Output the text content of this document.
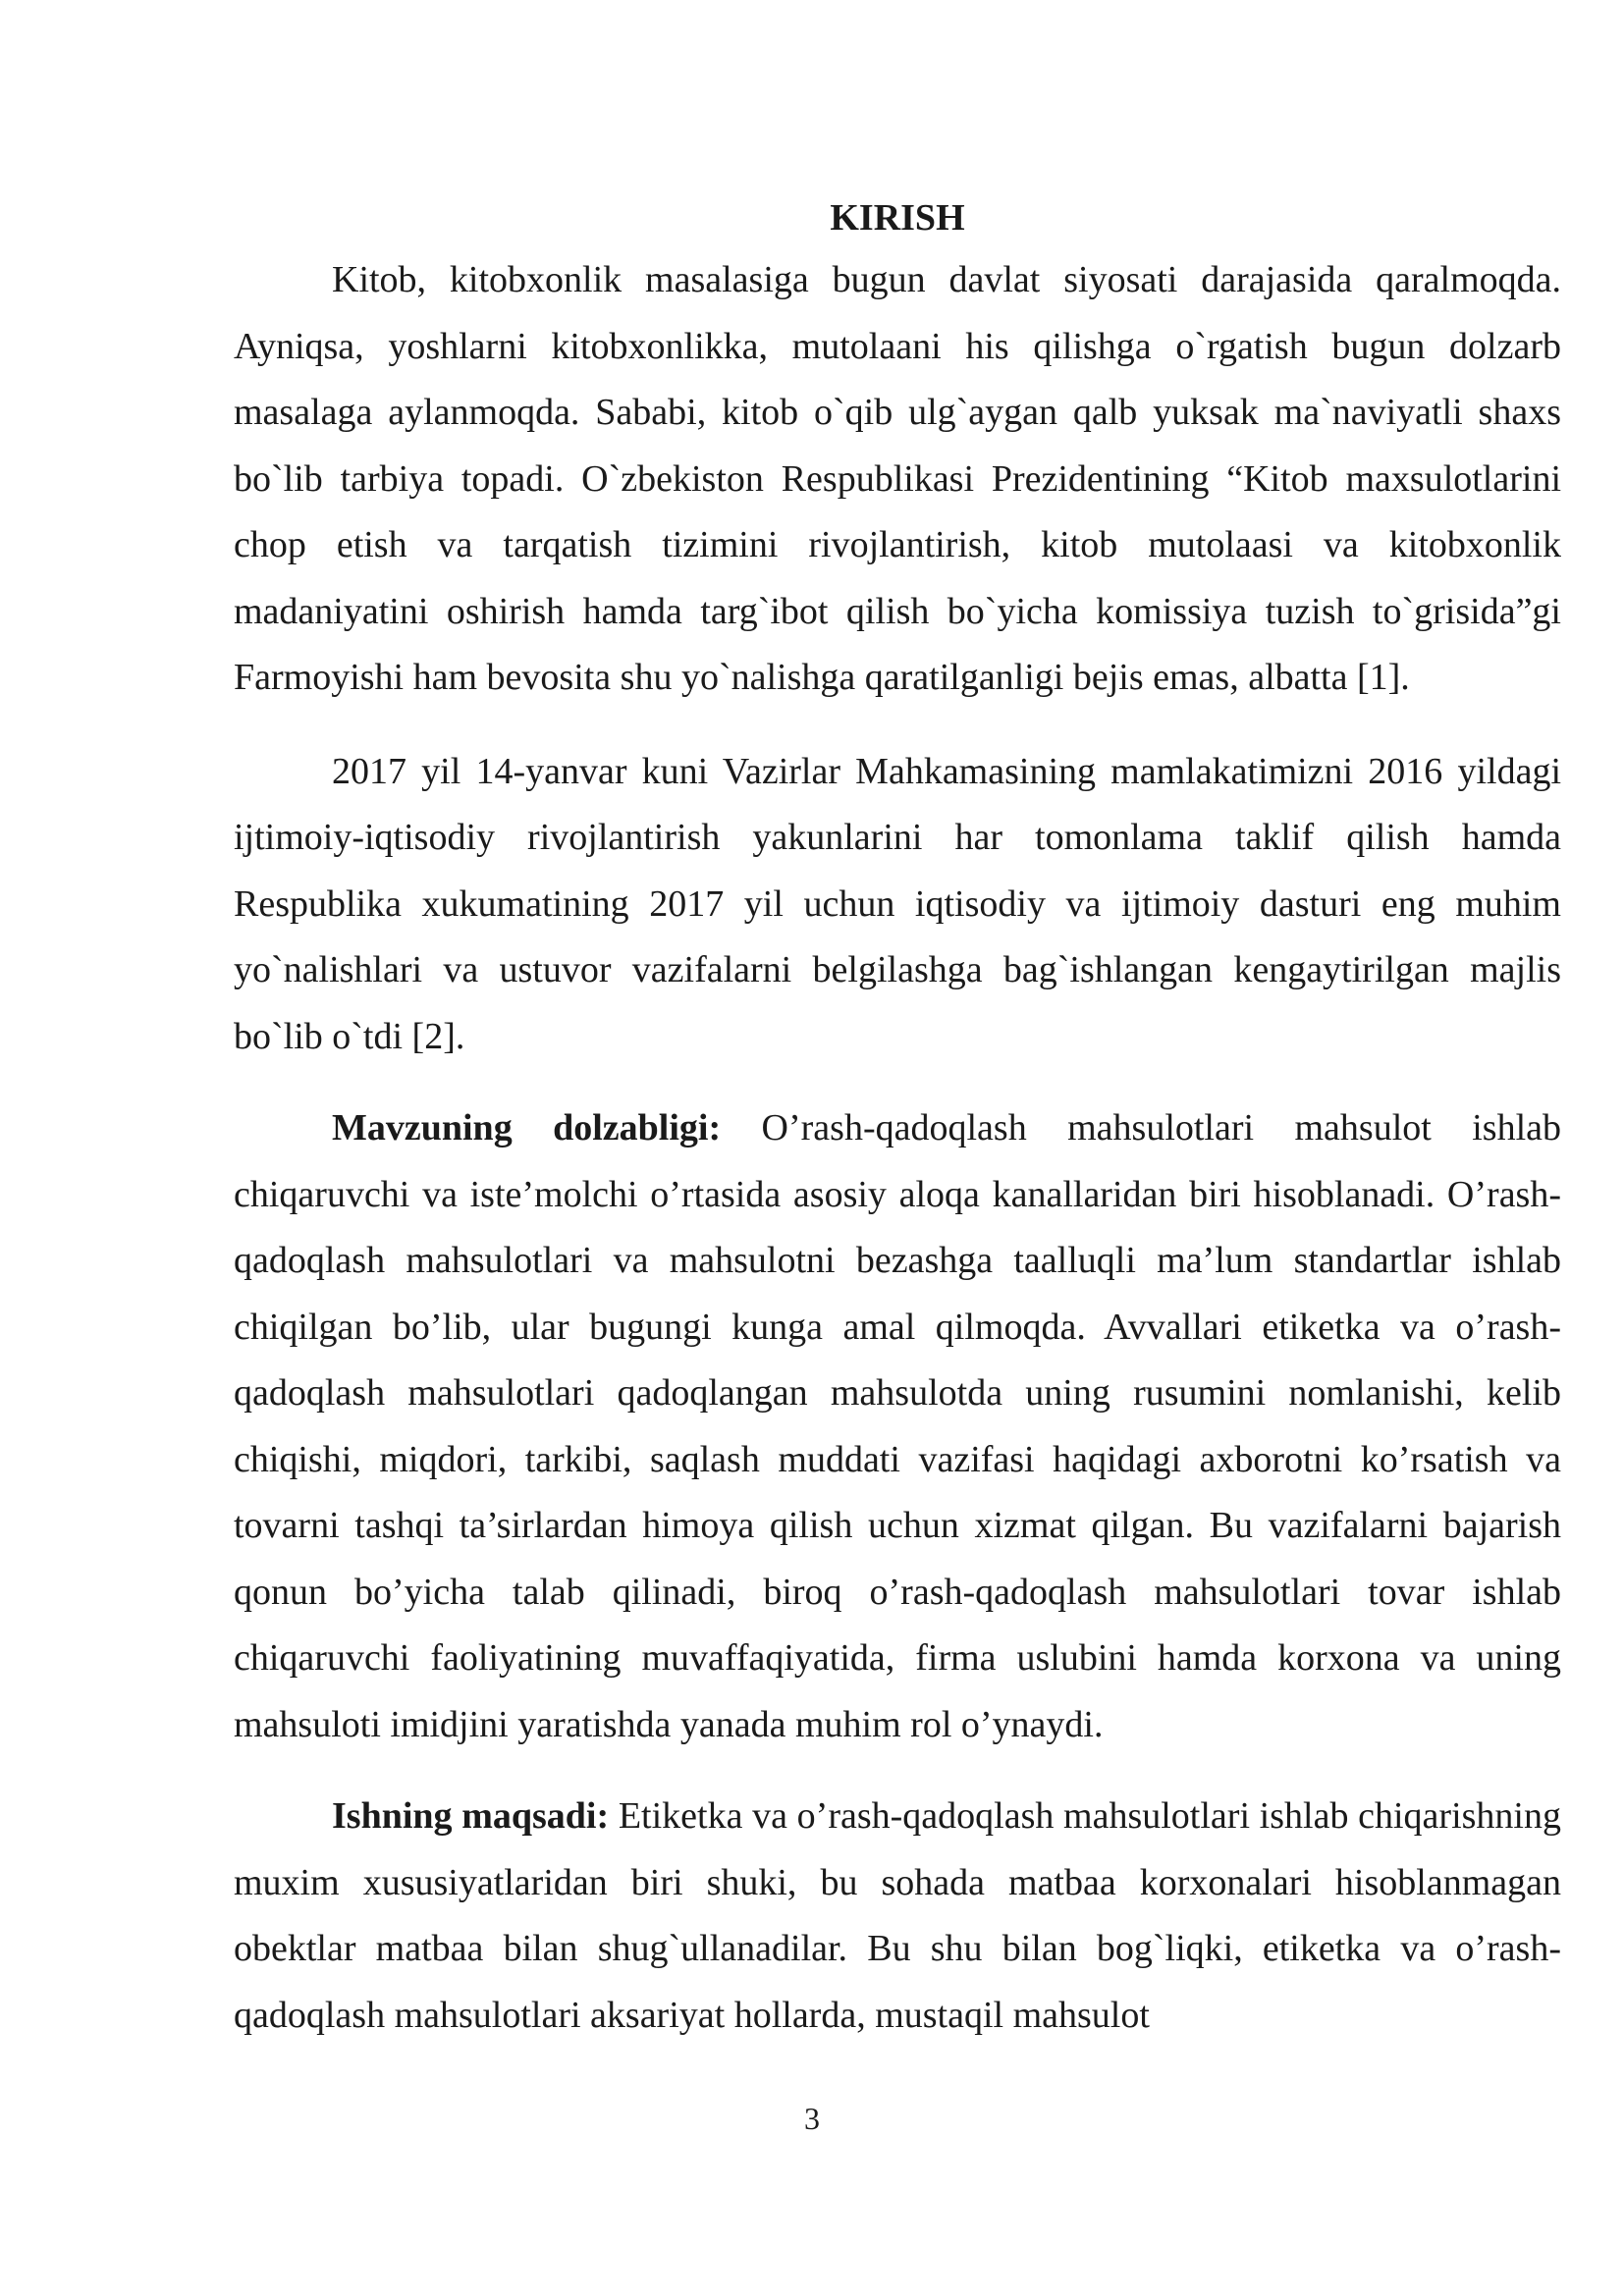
KIRISH

Kitob, kitobxonlik masalasiga bugun davlat siyosati darajasida qaralmoqda. Ayniqsa, yoshlarni kitobxonlikka, mutolaani his qilishga o`rgatish bugun dolzarb masalaga aylanmoqda. Sababi, kitob o`qib ulg`aygan qalb yuksak ma`naviyatli shaxs bo`lib tarbiya topadi. O`zbekiston Respublikasi Prezidentining “Kitob maxsulotlarini chop etish va tarqatish tizimini rivojlantirish, kitob mutolaasi va kitobxonlik madaniyatini oshirish hamda targ`ibot qilish bo`yicha komissiya tuzish to`grisida”gi Farmoyishi ham bevosita shu yo`nalishga qaratilganligi bejis emas, albatta [1].

2017 yil 14-yanvar kuni Vazirlar Mahkamasining mamlakatimizni 2016 yildagi ijtimoiy-iqtisodiy rivojlantirish yakunlarini har tomonlama taklif qilish hamda Respublika xukumatining 2017 yil uchun iqtisodiy va ijtimoiy dasturi eng muhim yo`nalishlari va ustuvor vazifalarni belgilashga bag`ishlangan kengaytirilgan majlis bo`lib o`tdi [2].

Mavzuning dolzabligi: O’rash-qadoqlash mahsulotlari mahsulot ishlab chiqaruvchi va iste’molchi o’rtasida asosiy aloqa kanallaridan biri hisoblanadi. O’rash-qadoqlash mahsulotlari va mahsulotni bezashga taalluqli ma’lum standartlar ishlab chiqilgan bo’lib, ular bugungi kunga amal qilmoqda. Avvallari etiketka va o’rash-qadoqlash mahsulotlari qadoqlangan mahsulotda uning rusumini nomlanishi, kelib chiqishi, miqdori, tarkibi, saqlash muddati vazifasi haqidagi axborotni ko’rsatish va tovarni tashqi ta’sirlardan himoya qilish uchun xizmat qilgan. Bu vazifalarni bajarish qonun bo’yicha talab qilinadi, biroq o’rash-qadoqlash mahsulotlari tovar ishlab chiqaruvchi faoliyatining muvaffaqiyatida, firma uslubini hamda korxona va uning mahsuloti imidjini yaratishda yanada muhim rol o’ynaydi.

Ishning maqsadi: Etiketka va o’rash-qadoqlash mahsulotlari ishlab chiqarishning muxim xususiyatlaridan biri shuki, bu sohada matbaa korxonalari hisoblanmagan obektlar matbaa bilan shug`ullanadilar. Bu shu bilan bog`liqki, etiketka va o’rash-qadoqlash mahsulotlari aksariyat hollarda, mustaqil mahsulot

3
